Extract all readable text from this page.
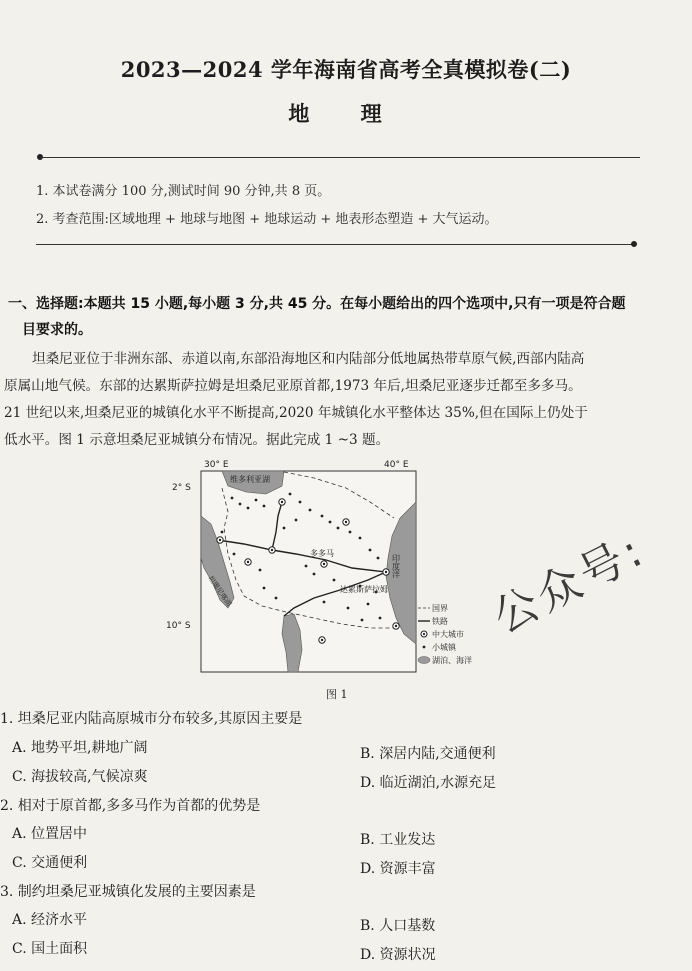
2023—2024 学年海南省高考全真模拟卷(二)
地 理
1. 本试卷满分 100 分,测试时间 90 分钟,共 8 页。
2. 考查范围:区域地理 + 地球与地图 + 地球运动 + 地表形态塑造 + 大气运动。
一、选择题:本题共 15 小题,每小题 3 分,共 45 分。在每小题给出的四个选项中,只有一项是符合题
目要求的。
坦桑尼亚位于非洲东部、赤道以南,东部沿海地区和内陆部分低地属热带草原气候,西部内陆高
原属山地气候。东部的达累斯萨拉姆是坦桑尼亚原首都,1973 年后,坦桑尼亚逐步迁都至多多马。
21 世纪以来,坦桑尼亚的城镇化水平不断提高,2020 年城镇化水平整体达 35%,但在国际上仍处于
低水平。图 1 示意坦桑尼亚城镇分布情况。据此完成 1 ~3 题。
30° E	40° E
2° S
10° S
维多利亚湖
多多马
达累斯萨拉姆
印度洋
坦噶尼喀湖
国界
铁路
中大城市
小城镇
湖泊、海洋
图 1
1. 坦桑尼亚内陆高原城市分布较多,其原因主要是
A. 地势平坦,耕地广阔	B. 深居内陆,交通便利
C. 海拔较高,气候凉爽	D. 临近湖泊,水源充足
2. 相对于原首都,多多马作为首都的优势是
A. 位置居中	B. 工业发达
C. 交通便利	D. 资源丰富
3. 制约坦桑尼亚城镇化发展的主要因素是
A. 经济水平	B. 人口基数
C. 国土面积	D. 资源状况
公众号:
